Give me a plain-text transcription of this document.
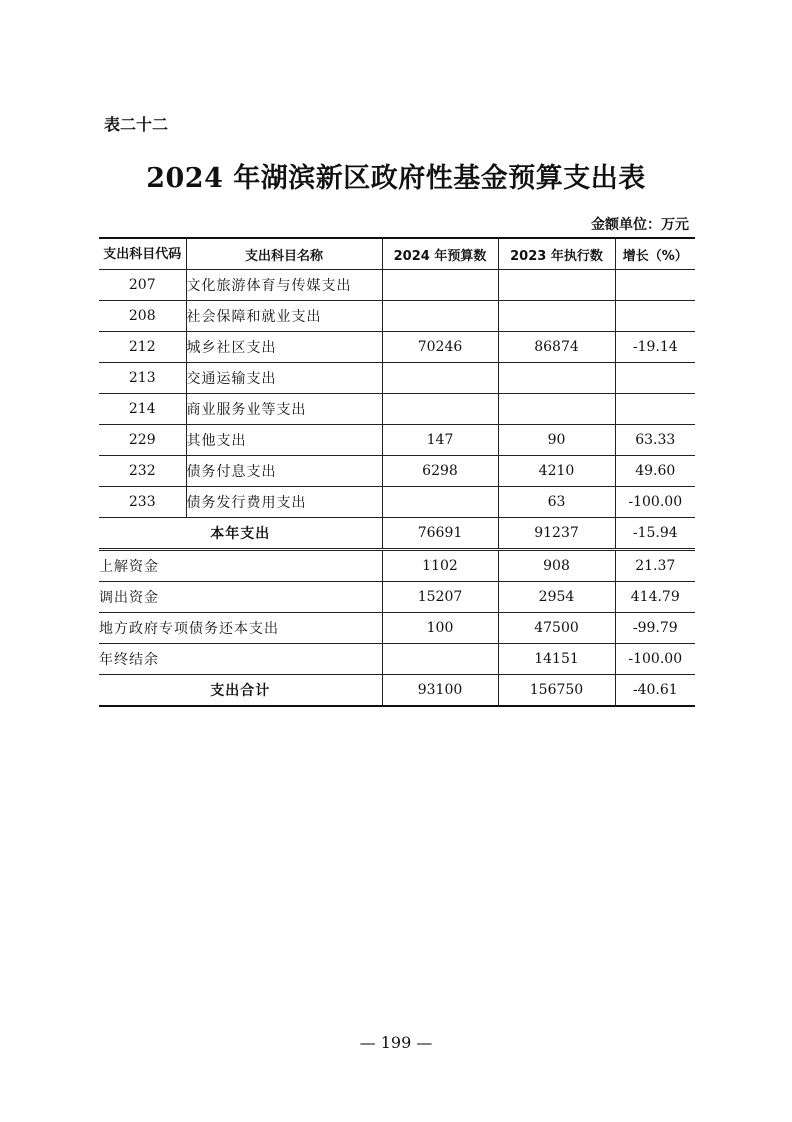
表二十二
2024 年湖滨新区政府性基金预算支出表
金额单位：万元
支出科目代码	支出科目名称	2024 年预算数	2023 年执行数	增长（%）
207	文化旅游体育与传媒支出			
208	社会保障和就业支出			
212	城乡社区支出	70246	86874	-19.14
213	交通运输支出			
214	商业服务业等支出			
229	其他支出	147	90	63.33
232	债务付息支出	6298	4210	49.60
233	债务发行费用支出		63	-100.00
本年支出		76691	91237	-15.94
上解资金		1102	908	21.37
调出资金		15207	2954	414.79
地方政府专项债务还本支出		100	47500	-99.79
年终结余			14151	-100.00
支出合计		93100	156750	-40.61
— 199 —
